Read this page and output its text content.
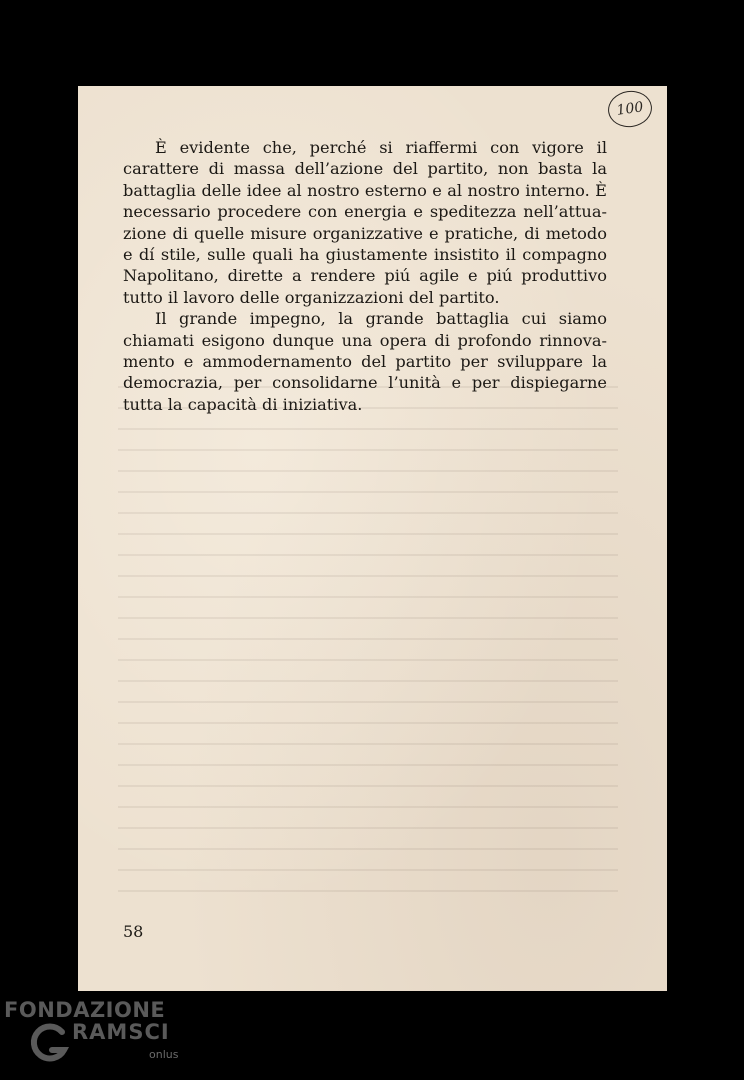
100

È evidente che, perché si riaffermi con vigore il carattere di massa dell’azione del partito, non basta la battaglia delle idee al nostro esterno e al nostro interno. È necessario procedere con energia e speditezza nell’attuazione di quelle misure organizzative e pratiche, di metodo e dí stile, sulle quali ha giustamente insistito il compagno Napolitano, dirette a rendere piú agile e piú produttivo tutto il lavoro delle organizzazioni del partito.

Il grande impegno, la grande battaglia cui siamo chiamati esigono dunque una opera di profondo rinnovamento e ammodernamento del partito per sviluppare la democrazia, per consolidarne l’unità e per dispiegarne tutta la capacità di iniziativa.

58
FONDAZIONE
RAMSCI
onlus
